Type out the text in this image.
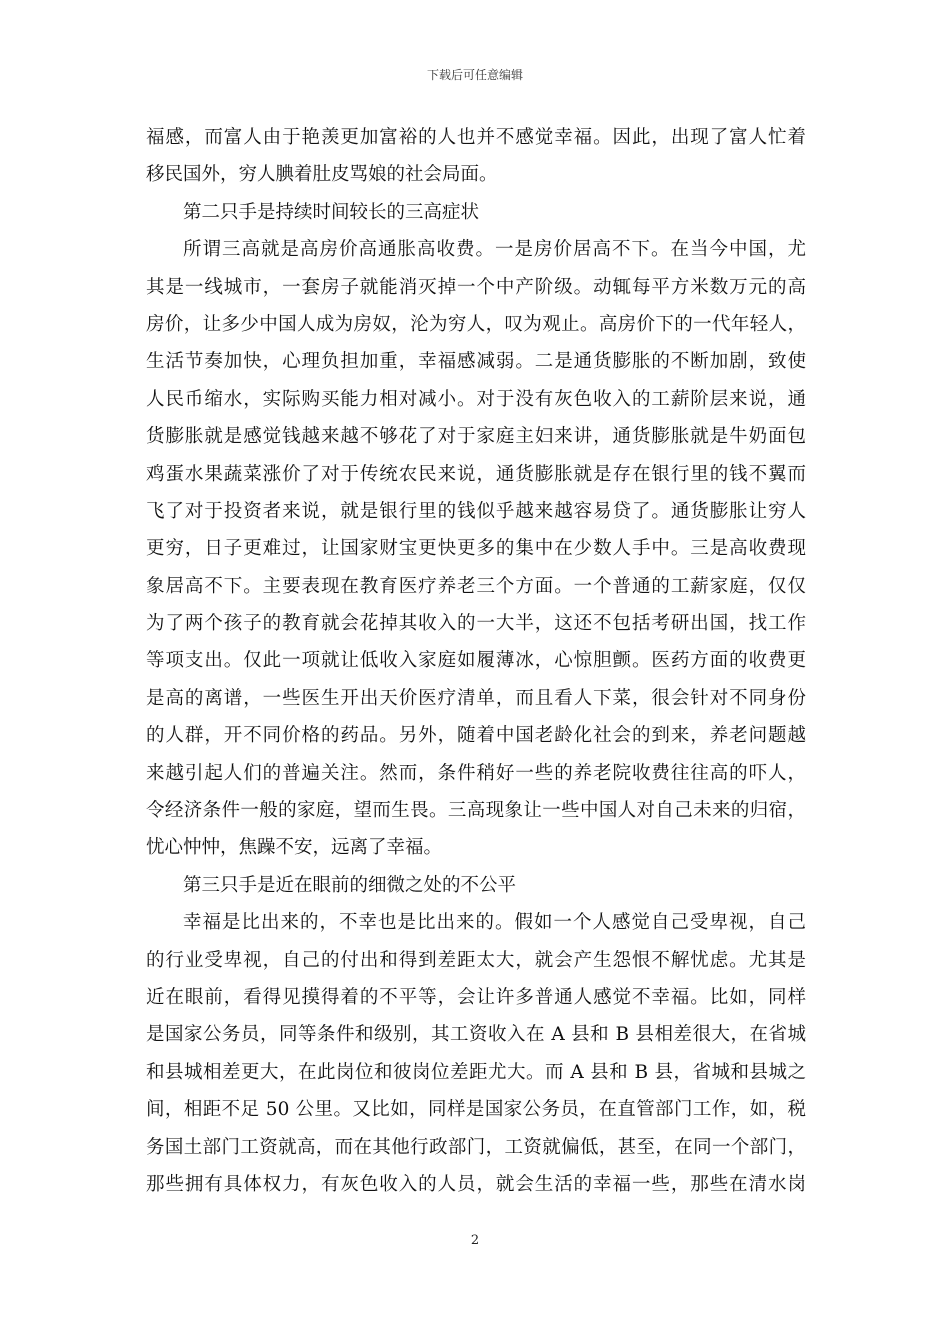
下载后可任意编辑
福感，而富人由于艳羡更加富裕的人也并不感觉幸福。因此，出现了富人忙着
移民国外，穷人腆着肚皮骂娘的社会局面。
第二只手是持续时间较长的三高症状
所谓三高就是高房价高通胀高收费。一是房价居高不下。在当今中国，尤
其是一线城市，一套房子就能消灭掉一个中产阶级。动辄每平方米数万元的高
房价，让多少中国人成为房奴，沦为穷人，叹为观止。高房价下的一代年轻人，
生活节奏加快，心理负担加重，幸福感减弱。二是通货膨胀的不断加剧，致使
人民币缩水，实际购买能力相对减小。对于没有灰色收入的工薪阶层来说，通
货膨胀就是感觉钱越来越不够花了对于家庭主妇来讲，通货膨胀就是牛奶面包
鸡蛋水果蔬菜涨价了对于传统农民来说，通货膨胀就是存在银行里的钱不翼而
飞了对于投资者来说，就是银行里的钱似乎越来越容易贷了。通货膨胀让穷人
更穷，日子更难过，让国家财宝更快更多的集中在少数人手中。三是高收费现
象居高不下。主要表现在教育医疗养老三个方面。一个普通的工薪家庭，仅仅
为了两个孩子的教育就会花掉其收入的一大半，这还不包括考研出国，找工作
等项支出。仅此一项就让低收入家庭如履薄冰，心惊胆颤。医药方面的收费更
是高的离谱，一些医生开出天价医疗清单，而且看人下菜，很会针对不同身份
的人群，开不同价格的药品。另外，随着中国老龄化社会的到来，养老问题越
来越引起人们的普遍关注。然而，条件稍好一些的养老院收费往往高的吓人，
令经济条件一般的家庭，望而生畏。三高现象让一些中国人对自己未来的归宿，
忧心忡忡，焦躁不安，远离了幸福。
第三只手是近在眼前的细微之处的不公平
幸福是比出来的，不幸也是比出来的。假如一个人感觉自己受卑视，自己
的行业受卑视，自己的付出和得到差距太大，就会产生怨恨不解忧虑。尤其是
近在眼前，看得见摸得着的不平等，会让许多普通人感觉不幸福。比如，同样
是国家公务员，同等条件和级别，其工资收入在 A 县和 B 县相差很大，在省城
和县城相差更大，在此岗位和彼岗位差距尤大。而 A 县和 B 县，省城和县城之
间，相距不足 50 公里。又比如，同样是国家公务员，在直管部门工作，如，税
务国土部门工资就高，而在其他行政部门，工资就偏低，甚至，在同一个部门，
那些拥有具体权力，有灰色收入的人员，就会生活的幸福一些，那些在清水岗
2
